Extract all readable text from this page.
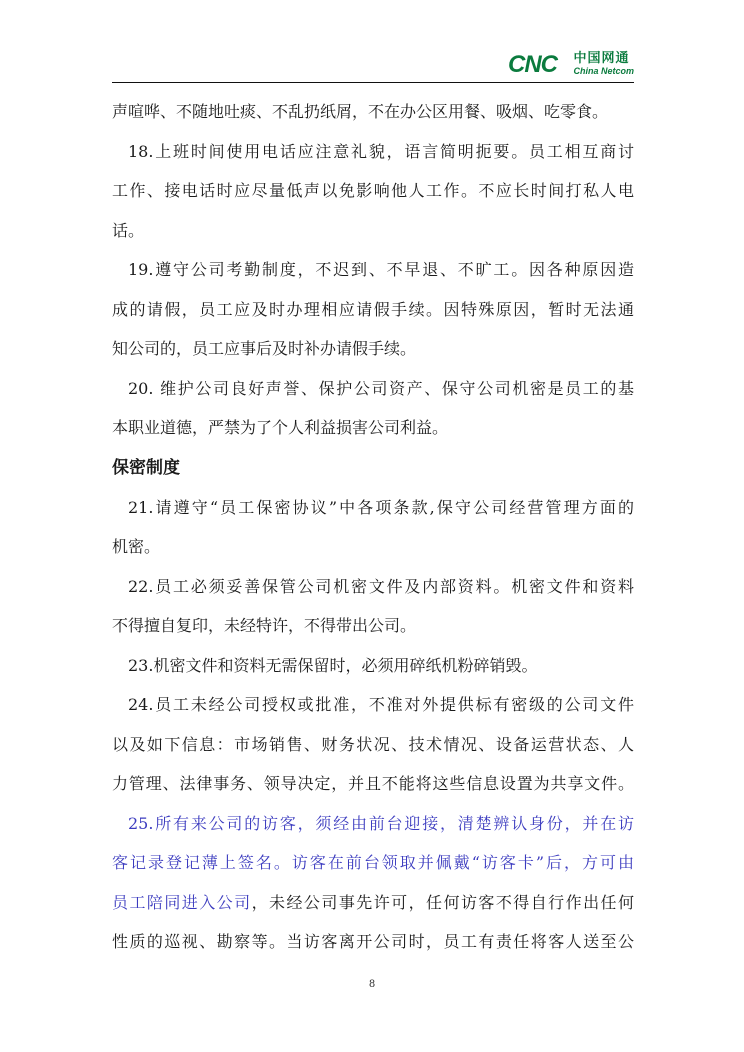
CNC 中国网通
China Netcom
声喧哗、不随地吐痰、不乱扔纸屑，不在办公区用餐、吸烟、吃零食。
18.上班时间使用电话应注意礼貌，语言简明扼要。员工相互商讨
工作、接电话时应尽量低声以免影响他人工作。不应长时间打私人电
话。
19.遵守公司考勤制度，不迟到、不早退、不旷工。因各种原因造
成的请假，员工应及时办理相应请假手续。因特殊原因，暂时无法通
知公司的，员工应事后及时补办请假手续。
20. 维护公司良好声誉、保护公司资产、保守公司机密是员工的基
本职业道德，严禁为了个人利益损害公司利益。
保密制度
21.请遵守“员工保密协议”中各项条款,保守公司经营管理方面的
机密。
22.员工必须妥善保管公司机密文件及内部资料。机密文件和资料
不得擅自复印，未经特许，不得带出公司。
23.机密文件和资料无需保留时，必须用碎纸机粉碎销毁。
24.员工未经公司授权或批准，不准对外提供标有密级的公司文件
以及如下信息：市场销售、财务状况、技术情况、设备运营状态、人
力管理、法律事务、领导决定，并且不能将这些信息设置为共享文件。
25.所有来公司的访客，须经由前台迎接，清楚辨认身份，并在访
客记录登记薄上签名。访客在前台领取并佩戴“访客卡”后，方可由
员工陪同进入公司，未经公司事先许可，任何访客不得自行作出任何
性质的巡视、勘察等。当访客离开公司时，员工有责任将客人送至公
8
